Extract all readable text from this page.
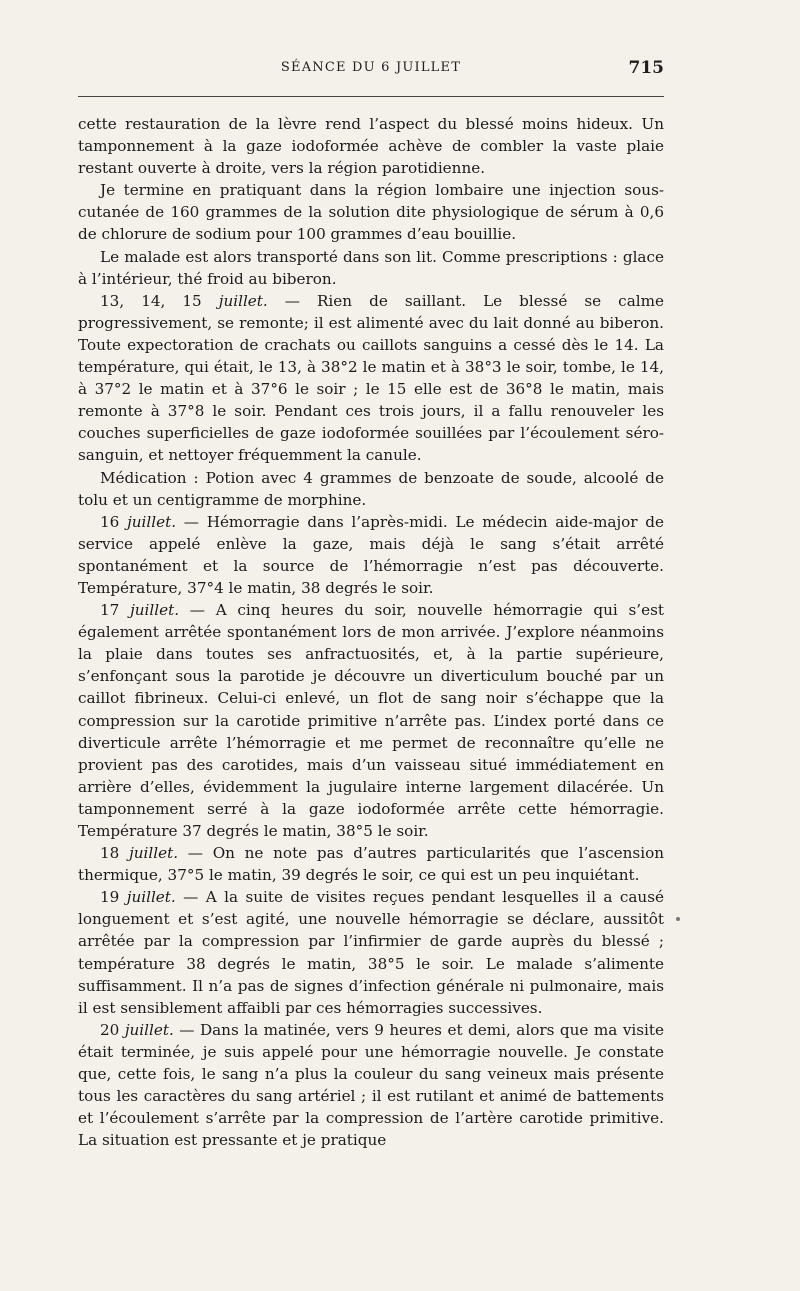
SÉANCE DU 6 JUILLET	715

cette restauration de la lèvre rend l’aspect du blessé moins hideux. Un tamponnement à la gaze iodoformée achève de combler la vaste plaie restant ouverte à droite, vers la région parotidienne.

Je termine en pratiquant dans la région lombaire une injection sous-cutanée de 160 grammes de la solution dite physiologique de sérum à 0,6 de chlorure de sodium pour 100 grammes d’eau bouillie.

Le malade est alors transporté dans son lit. Comme prescriptions : glace à l’intérieur, thé froid au biberon.

13, 14, 15 juillet. — Rien de saillant. Le blessé se calme progressivement, se remonte; il est alimenté avec du lait donné au biberon. Toute expectoration de crachats ou caillots sanguins a cessé dès le 14. La température, qui était, le 13, à 38°2 le matin et à 38°3 le soir, tombe, le 14, à 37°2 le matin et à 37°6 le soir ; le 15 elle est de 36°8 le matin, mais remonte à 37°8 le soir. Pendant ces trois jours, il a fallu renouveler les couches superficielles de gaze iodoformée souillées par l’écoulement séro-sanguin, et nettoyer fréquemment la canule.

Médication : Potion avec 4 grammes de benzoate de soude, alcoolé de tolu et un centigramme de morphine.

16 juillet. — Hémorragie dans l’après-midi. Le médecin aide-major de service appelé enlève la gaze, mais déjà le sang s’était arrêté spontanément et la source de l’hémorragie n’est pas découverte. Température, 37°4 le matin, 38 degrés le soir.

17 juillet. — A cinq heures du soir, nouvelle hémorragie qui s’est également arrêtée spontanément lors de mon arrivée. J’explore néanmoins la plaie dans toutes ses anfractuosités, et, à la partie supérieure, s’enfonçant sous la parotide je découvre un diverticulum bouché par un caillot fibrineux. Celui-ci enlevé, un flot de sang noir s’échappe que la compression sur la carotide primitive n’arrête pas. L’index porté dans ce diverticule arrête l’hémorragie et me permet de reconnaître qu’elle ne provient pas des carotides, mais d’un vaisseau situé immédiatement en arrière d’elles, évidemment la jugulaire interne largement dilacérée. Un tamponnement serré à la gaze iodoformée arrête cette hémorragie. Température 37 degrés le matin, 38°5 le soir.

18 juillet. — On ne note pas d’autres particularités que l’ascension thermique, 37°5 le matin, 39 degrés le soir, ce qui est un peu inquiétant.

19 juillet. — A la suite de visites reçues pendant lesquelles il a causé longuement et s’est agité, une nouvelle hémorragie se déclare, aussitôt arrêtée par la compression par l’infirmier de garde auprès du blessé ; température 38 degrés le matin, 38°5 le soir. Le malade s’alimente suffisamment. Il n’a pas de signes d’infection générale ni pulmonaire, mais il est sensiblement affaibli par ces hémorragies successives.

20 juillet. — Dans la matinée, vers 9 heures et demi, alors que ma visite était terminée, je suis appelé pour une hémorragie nouvelle. Je constate que, cette fois, le sang n’a plus la couleur du sang veineux mais présente tous les caractères du sang artériel ; il est rutilant et animé de battements et l’écoulement s’arrête par la compression de l’artère carotide primitive. La situation est pressante et je pratique
